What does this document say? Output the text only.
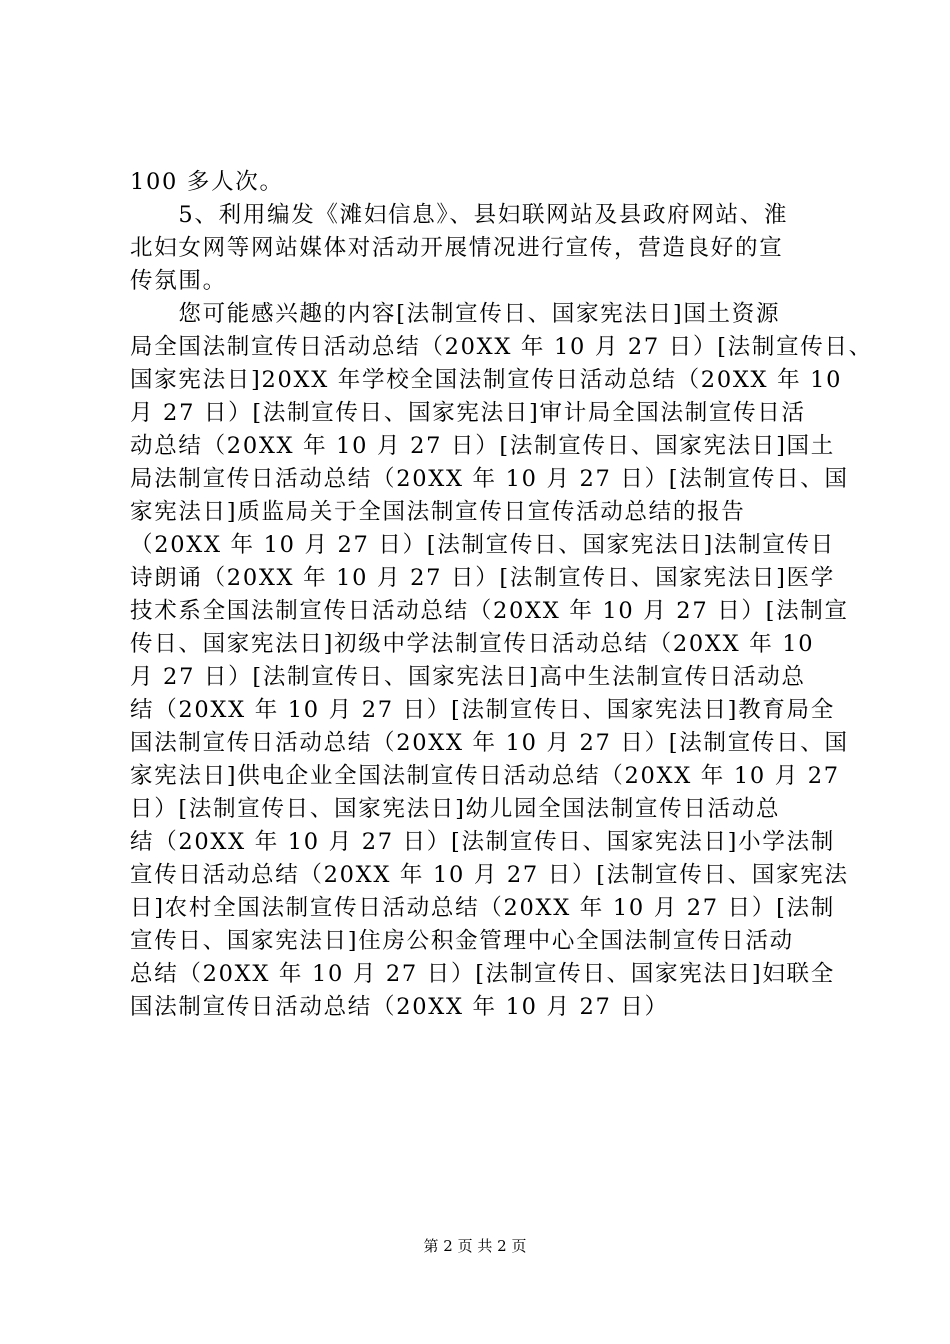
100 多人次。

　　5、利用编发《滩妇信息》、县妇联网站及县政府网站、淮

北妇女网等网站媒体对活动开展情况进行宣传，营造良好的宣

传氛围。

　　您可能感兴趣的内容[法制宣传日、国家宪法日]国土资源

局全国法制宣传日活动总结（20XX 年 10 月 27 日）[法制宣传日、

国家宪法日]20XX 年学校全国法制宣传日活动总结（20XX 年 10

月 27 日）[法制宣传日、国家宪法日]审计局全国法制宣传日活

动总结（20XX 年 10 月 27 日）[法制宣传日、国家宪法日]国土

局法制宣传日活动总结（20XX 年 10 月 27 日）[法制宣传日、国

家宪法日]质监局关于全国法制宣传日宣传活动总结的报告

（20XX 年 10 月 27 日）[法制宣传日、国家宪法日]法制宣传日

诗朗诵（20XX 年 10 月 27 日）[法制宣传日、国家宪法日]医学

技术系全国法制宣传日活动总结（20XX 年 10 月 27 日）[法制宣

传日、国家宪法日]初级中学法制宣传日活动总结（20XX 年 10

月 27 日）[法制宣传日、国家宪法日]高中生法制宣传日活动总

结（20XX 年 10 月 27 日）[法制宣传日、国家宪法日]教育局全

国法制宣传日活动总结（20XX 年 10 月 27 日）[法制宣传日、国

家宪法日]供电企业全国法制宣传日活动总结（20XX 年 10 月 27

日）[法制宣传日、国家宪法日]幼儿园全国法制宣传日活动总

结（20XX 年 10 月 27 日）[法制宣传日、国家宪法日]小学法制

宣传日活动总结（20XX 年 10 月 27 日）[法制宣传日、国家宪法

日]农村全国法制宣传日活动总结（20XX 年 10 月 27 日）[法制

宣传日、国家宪法日]住房公积金管理中心全国法制宣传日活动

总结（20XX 年 10 月 27 日）[法制宣传日、国家宪法日]妇联全

国法制宣传日活动总结（20XX 年 10 月 27 日）

第 2 页 共 2 页
